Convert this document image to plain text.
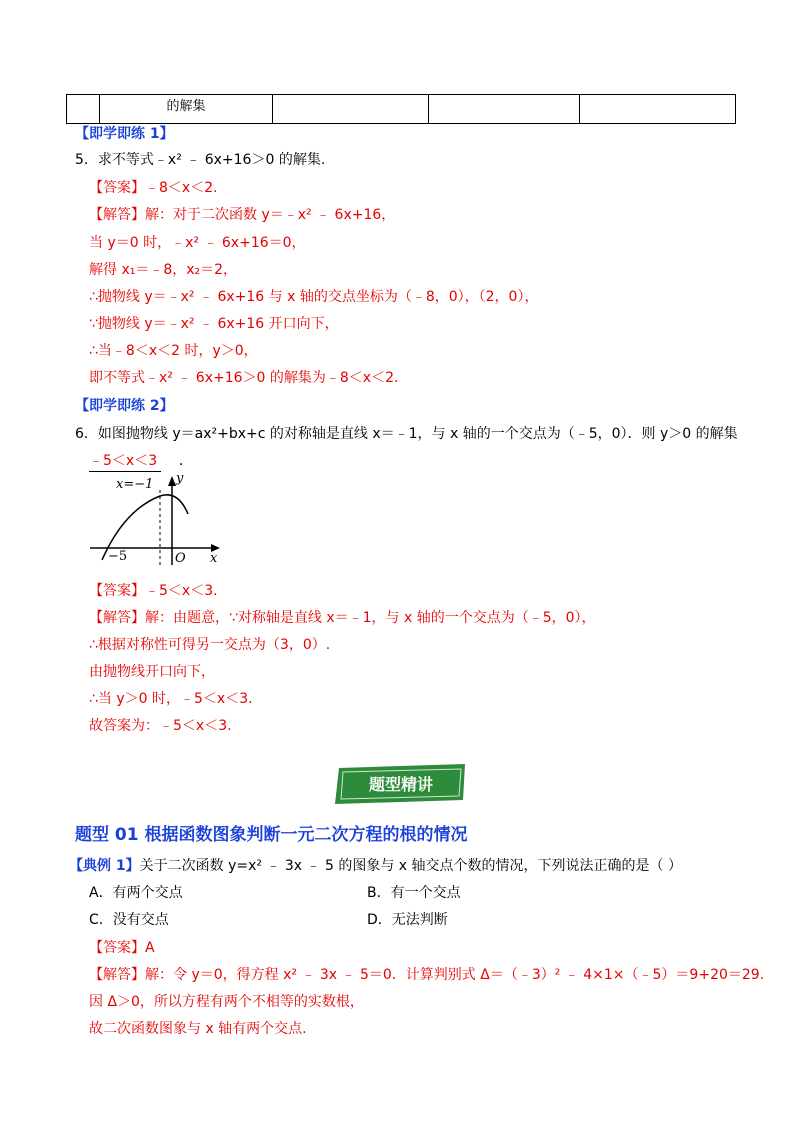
	的解集			
【即学即练 1】
5．求不等式﹣x² ﹣ 6x+16＞0 的解集.
【答案】﹣8＜x＜2.
【解答】解：对于二次函数 y＝﹣x² ﹣ 6x+16，
当 y＝0 时，﹣x² ﹣ 6x+16＝0，
解得 x₁＝﹣8，x₂＝2，
∴抛物线 y＝﹣x² ﹣ 6x+16 与 x 轴的交点坐标为（﹣8，0），（2，0），
∵抛物线 y＝﹣x² ﹣ 6x+16 开口向下，
∴当﹣8＜x＜2 时，y＞0，
即不等式﹣x² ﹣ 6x+16＞0 的解集为﹣8＜x＜2.
【即学即练 2】
6．如图抛物线 y＝ax²+bx+c 的对称轴是直线 x＝﹣1，与 x 轴的一个交点为（﹣5，0）．则 y＞0 的解集
﹣5＜x＜3 ．
x=−1 y
x
O
−5
【答案】﹣5＜x＜3.
【解答】解：由题意，∵对称轴是直线 x＝﹣1，与 x 轴的一个交点为（﹣5，0），
∴根据对称性可得另一交点为（3，0）.
由抛物线开口向下，
∴当 y＞0 时，﹣5＜x＜3.
故答案为：﹣5＜x＜3.
题型精讲
题型 01 根据函数图象判断一元二次方程的根的情况
【典例 1】关于二次函数 y=x² ﹣ 3x ﹣ 5 的图象与 x 轴交点个数的情况，下列说法正确的是（ ）
A．有两个交点	B．有一个交点
C．没有交点	D．无法判断
【答案】A
【解答】解：令 y＝0，得方程 x² ﹣ 3x ﹣ 5＝0．计算判别式 Δ＝（﹣3）² ﹣ 4×1×（﹣5）＝9+20＝29.
因 Δ＞0，所以方程有两个不相等的实数根，
故二次函数图象与 x 轴有两个交点.
